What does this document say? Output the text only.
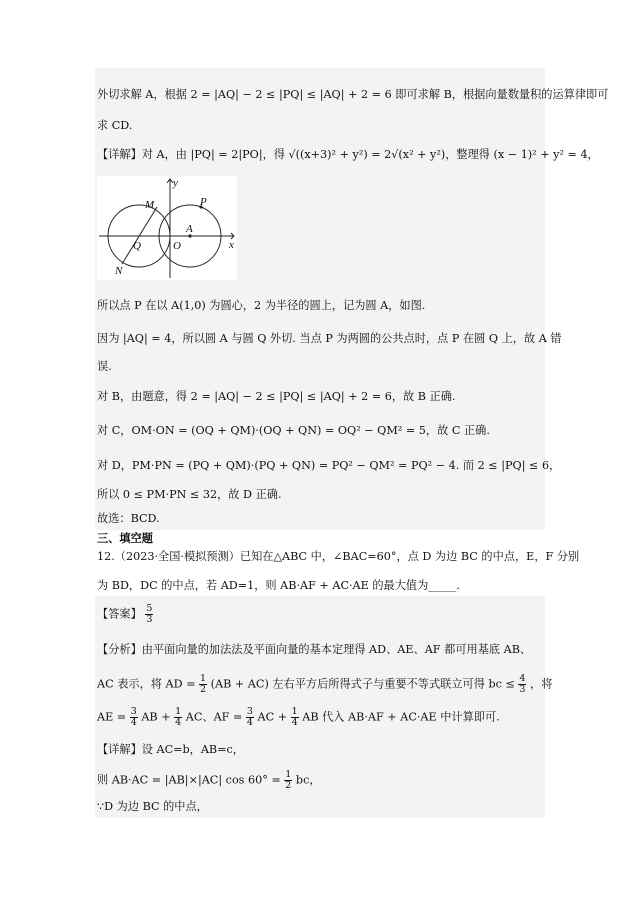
外切求解 A，根据 2 = |AQ| − 2 ≤ |PQ| ≤ |AQ| + 2 = 6 即可求解 B，根据向量数量积的运算律即可
求 CD.
【详解】对 A，由 |PQ| = 2|PO|，得 √((x+3)² + y²) = 2√(x² + y²)，整理得 (x − 1)² + y² = 4，
y
x
M	P
A
Q	O
N
所以点 P 在以 A(1,0) 为圆心，2 为半径的圆上，记为圆 A，如图.
因为 |AQ| = 4，所以圆 A 与圆 Q 外切. 当点 P 为两圆的公共点时，点 P 在圆 Q 上，故 A 错
误.
对 B，由题意，得 2 = |AQ| − 2 ≤ |PQ| ≤ |AQ| + 2 = 6，故 B 正确.
对 C，OM·ON = (OQ + QM)·(OQ + QN) = OQ² − QM² = 5，故 C 正确.
对 D，PM·PN = (PQ + QM)·(PQ + QN) = PQ² − QM² = PQ² − 4. 而 2 ≤ |PQ| ≤ 6，
所以 0 ≤ PM·PN ≤ 32，故 D 正确.
故选：BCD.
三、填空题
12.（2023·全国·模拟预测）已知在△ABC 中，∠BAC=60°，点 D 为边 BC 的中点，E，F 分别
为 BD，DC 的中点，若 AD=1，则 AB·AF + AC·AE 的最大值为_____.
【答案】 $\frac{5}{3}$
【分析】由平面向量的加法法及平面向量的基本定理得 AD、AE、AF 都可用基底 AB、
AC 表示，将 AD = $\frac{1}{2} (AB + AC)$ 左右平方后所得式子与重要不等式联立可得 bc ≤ $\frac{4}{3}$ ，将
AE = $\frac{3}{4}$ AB + $\frac{1}{4}$ AC、AF = $\frac{3}{4}$ AC + $\frac{1}{4}$ AB 代入 AB·AF + AC·AE 中计算即可.
【详解】设 AC=b，AB=c，
则 AB·AC = |AB|×|AC| $\cos 60^\circ = \frac{1}{2}$ bc，
∵D 为边 BC 的中点，
